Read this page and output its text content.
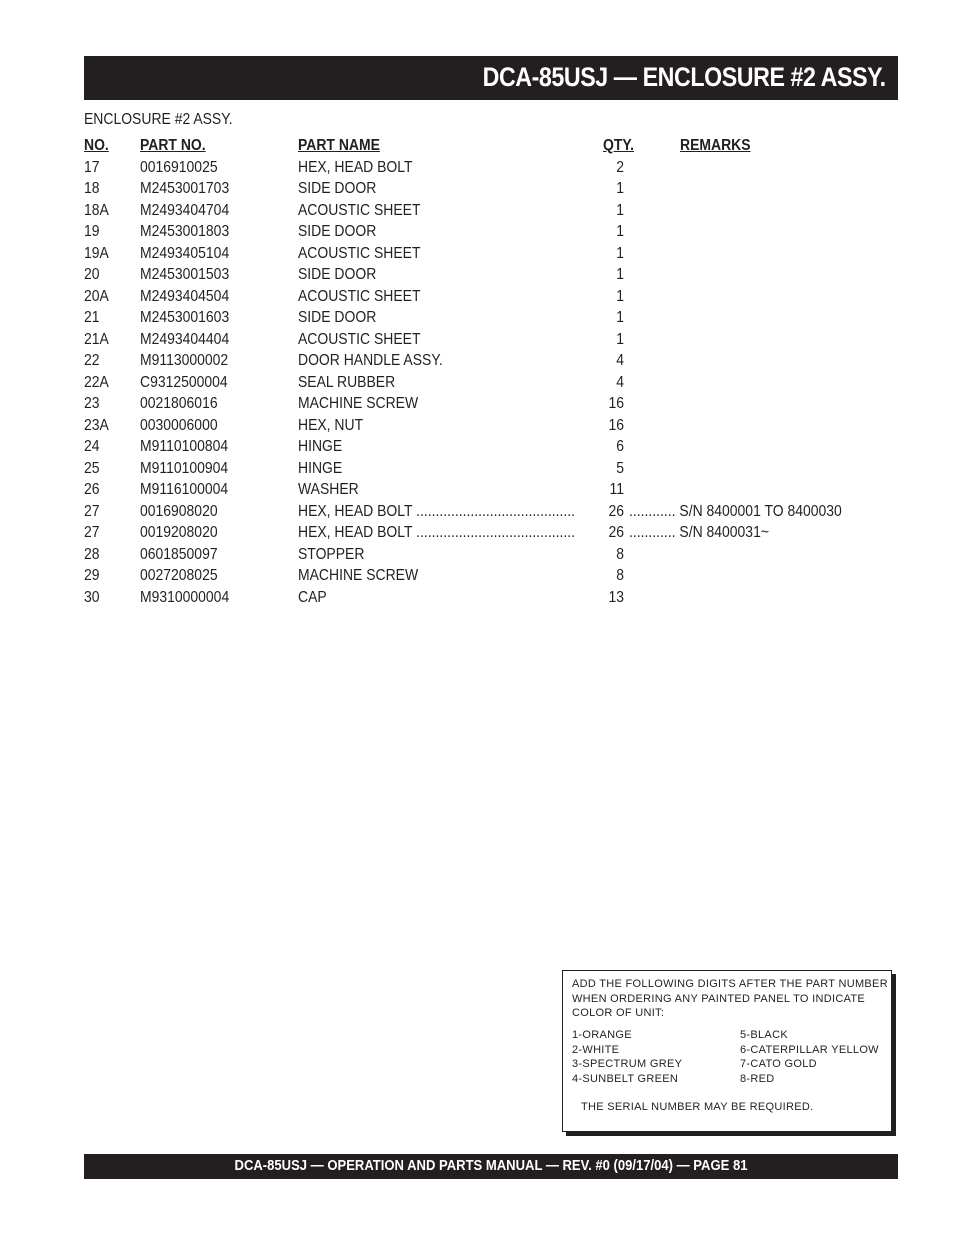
DCA-85USJ — ENCLOSURE #2 ASSY.
ENCLOSURE #2 ASSY.
NO. PART NO.	PART NAME	QTY.	REMARKS
17	0016910025	HEX, HEAD BOLT	2
18	M2453001703	SIDE DOOR	1
18A M2493404704	ACOUSTIC SHEET	1
19	M2453001803	SIDE DOOR	1
19A M2493405104	ACOUSTIC SHEET	1
20	M2453001503	SIDE DOOR	1
20A M2493404504	ACOUSTIC SHEET	1
21	M2453001603	SIDE DOOR	1
21A M2493404404	ACOUSTIC SHEET	1
22	M9113000002	DOOR HANDLE ASSY.	4
22A C9312500004	SEAL RUBBER	4
23	0021806016	MACHINE SCREW	16
23A 0030006000	HEX, NUT	16
24	M9110100804	HINGE	6
25	M9110100904	HINGE	5
26	M9116100004	WASHER	11
27	0016908020	HEX, HEAD BOLT .........................................	26 ............ S/N 8400001 TO 8400030
27	0019208020	HEX, HEAD BOLT .........................................	26 ............ S/N 8400031~
28	0601850097	STOPPER	8
29	0027208025	MACHINE SCREW	8
30	M9310000004	CAP	13
ADD THE FOLLOWING DIGITS AFTER THE PART NUMBER
WHEN ORDERING ANY PAINTED PANEL TO INDICATE
COLOR OF UNIT:
1-ORANGE
2-WHITE
3-SPECTRUM GREY
4-SUNBELT GREEN
5-BLACK
6-CATERPILLAR YELLOW
7-CATO GOLD
8-RED
THE SERIAL NUMBER MAY BE REQUIRED.

DCA-85USJ — OPERATION AND PARTS MANUAL — REV. #0 (09/17/04) — PAGE 81
